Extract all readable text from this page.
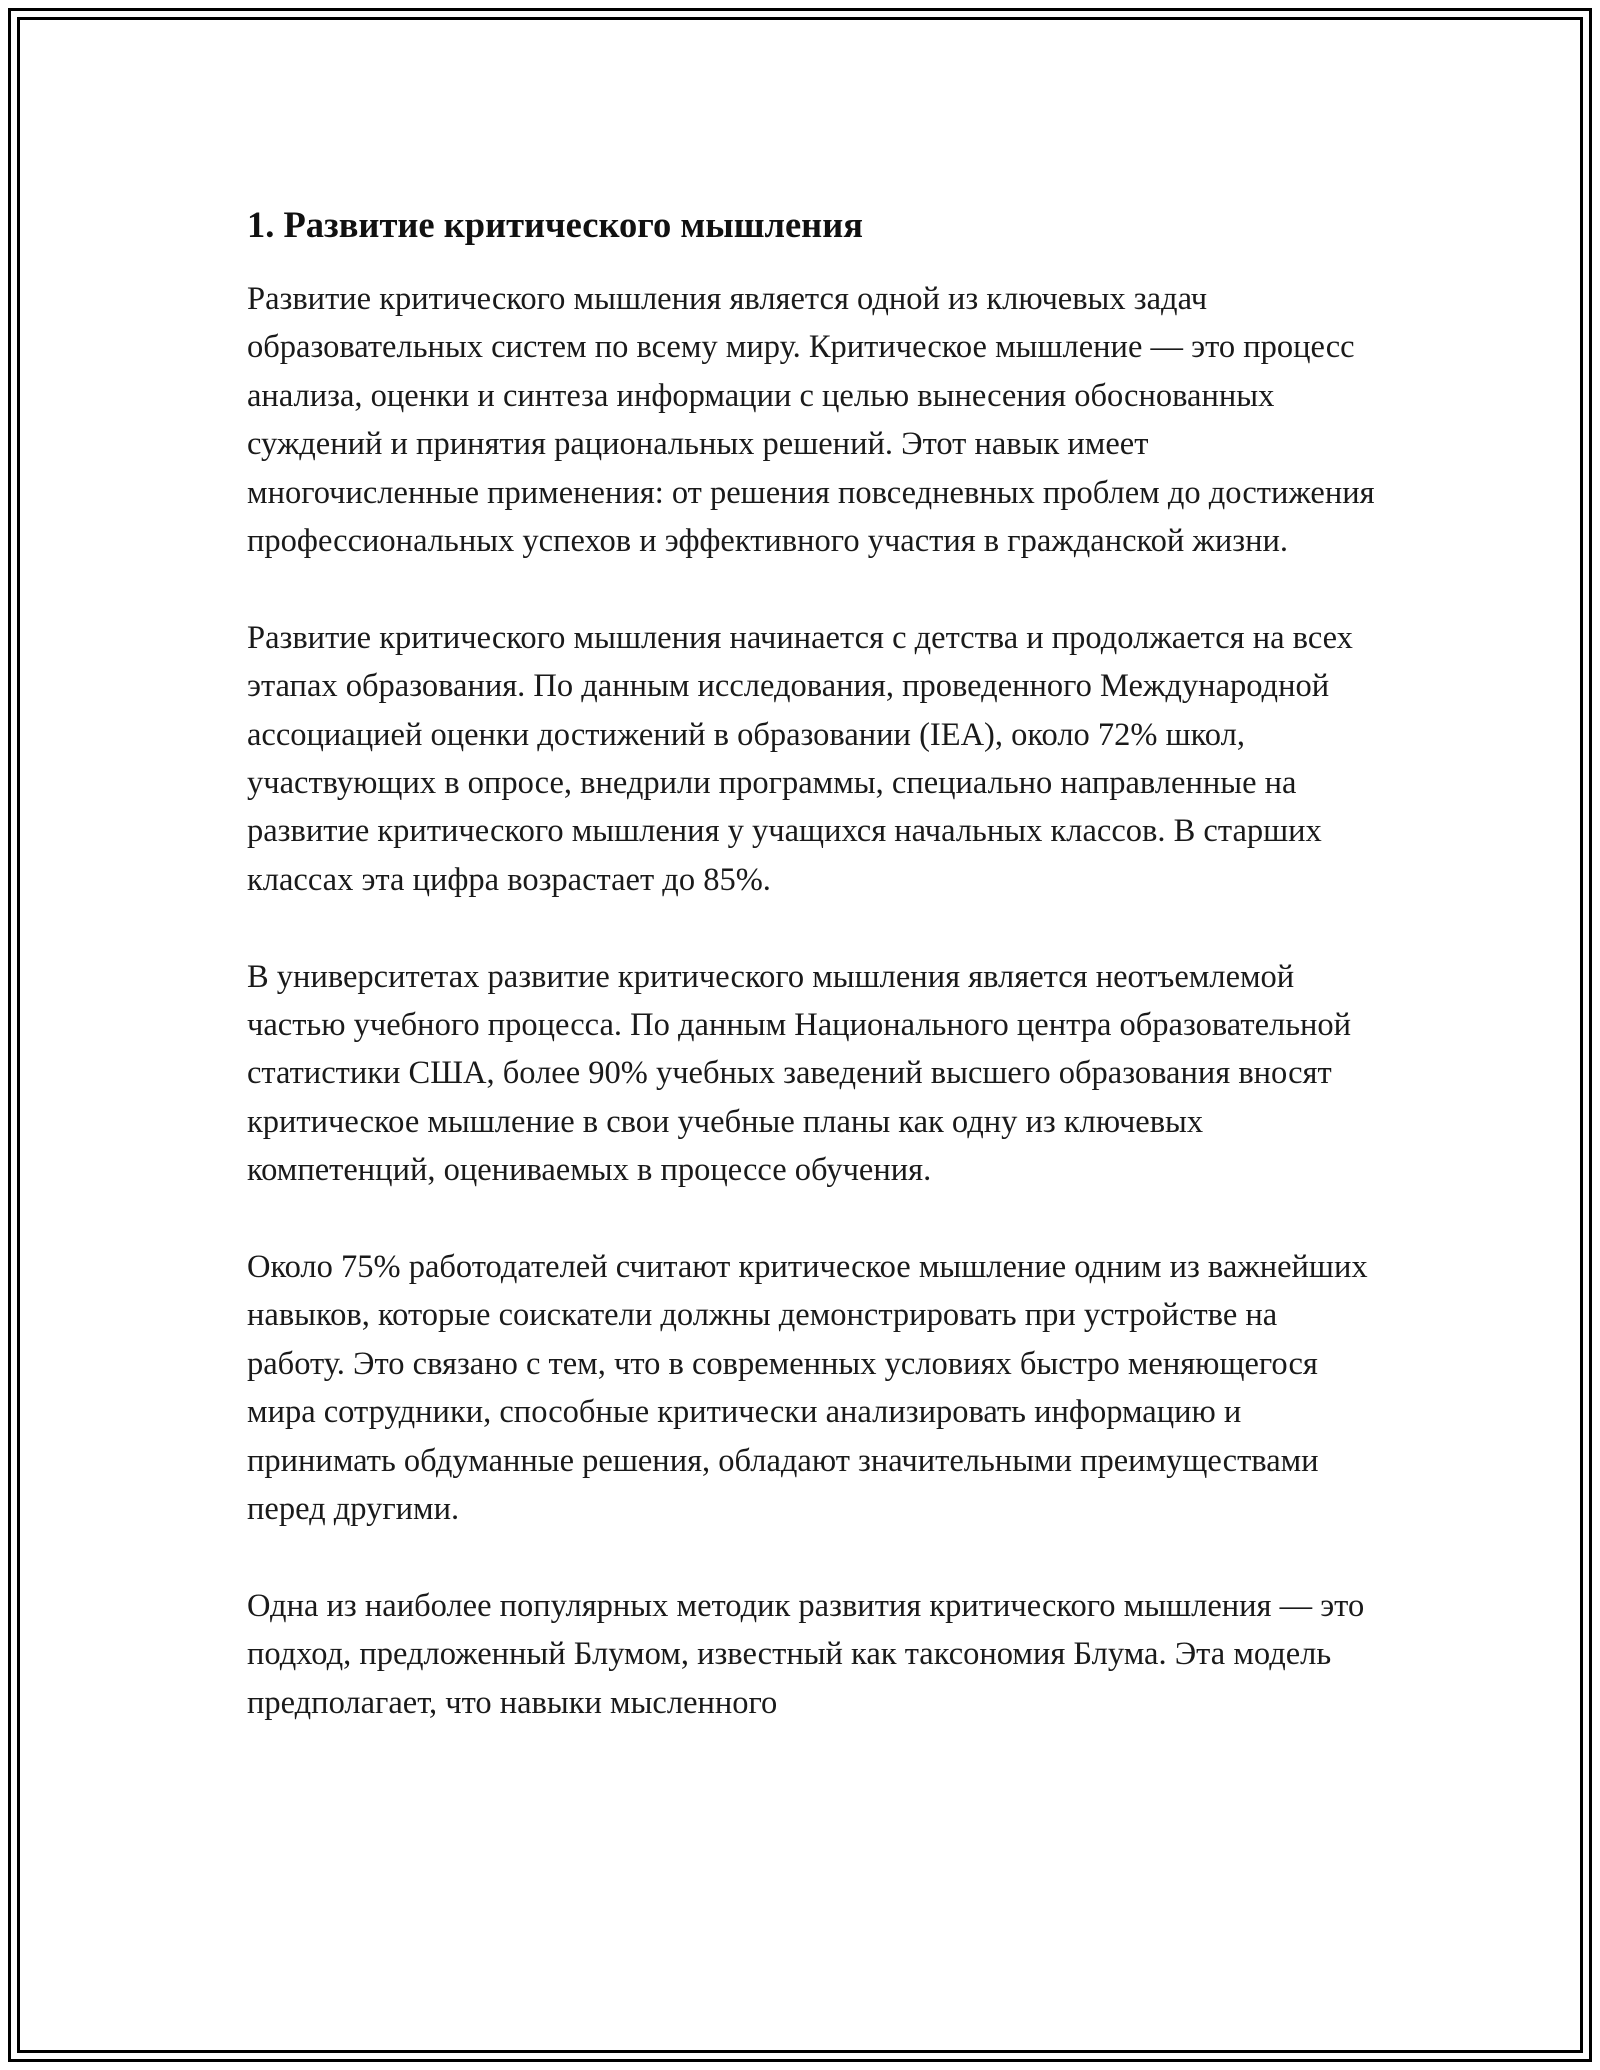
1. Развитие критического мышления

Развитие критического мышления является одной из ключевых задач образовательных систем по всему миру. Критическое мышление — это процесс анализа, оценки и синтеза информации с целью вынесения обоснованных суждений и принятия рациональных решений. Этот навык имеет многочисленные применения: от решения повседневных проблем до достижения профессиональных успехов и эффективного участия в гражданской жизни.

Развитие критического мышления начинается с детства и продолжается на всех этапах образования. По данным исследования, проведенного Международной ассоциацией оценки достижений в образовании (IEA), около 72% школ, участвующих в опросе, внедрили программы, специально направленные на развитие критического мышления у учащихся начальных классов. В старших классах эта цифра возрастает до 85%.

В университетах развитие критического мышления является неотъемлемой частью учебного процесса. По данным Национального центра образовательной статистики США, более 90% учебных заведений высшего образования вносят критическое мышление в свои учебные планы как одну из ключевых компетенций, оцениваемых в процессе обучения.

Около 75% работодателей считают критическое мышление одним из важнейших навыков, которые соискатели должны демонстрировать при устройстве на работу. Это связано с тем, что в современных условиях быстро меняющегося мира сотрудники, способные критически анализировать информацию и принимать обдуманные решения, обладают значительными преимуществами перед другими.

Одна из наиболее популярных методик развития критического мышления — это подход, предложенный Блумом, известный как таксономия Блума. Эта модель предполагает, что навыки мысленного
